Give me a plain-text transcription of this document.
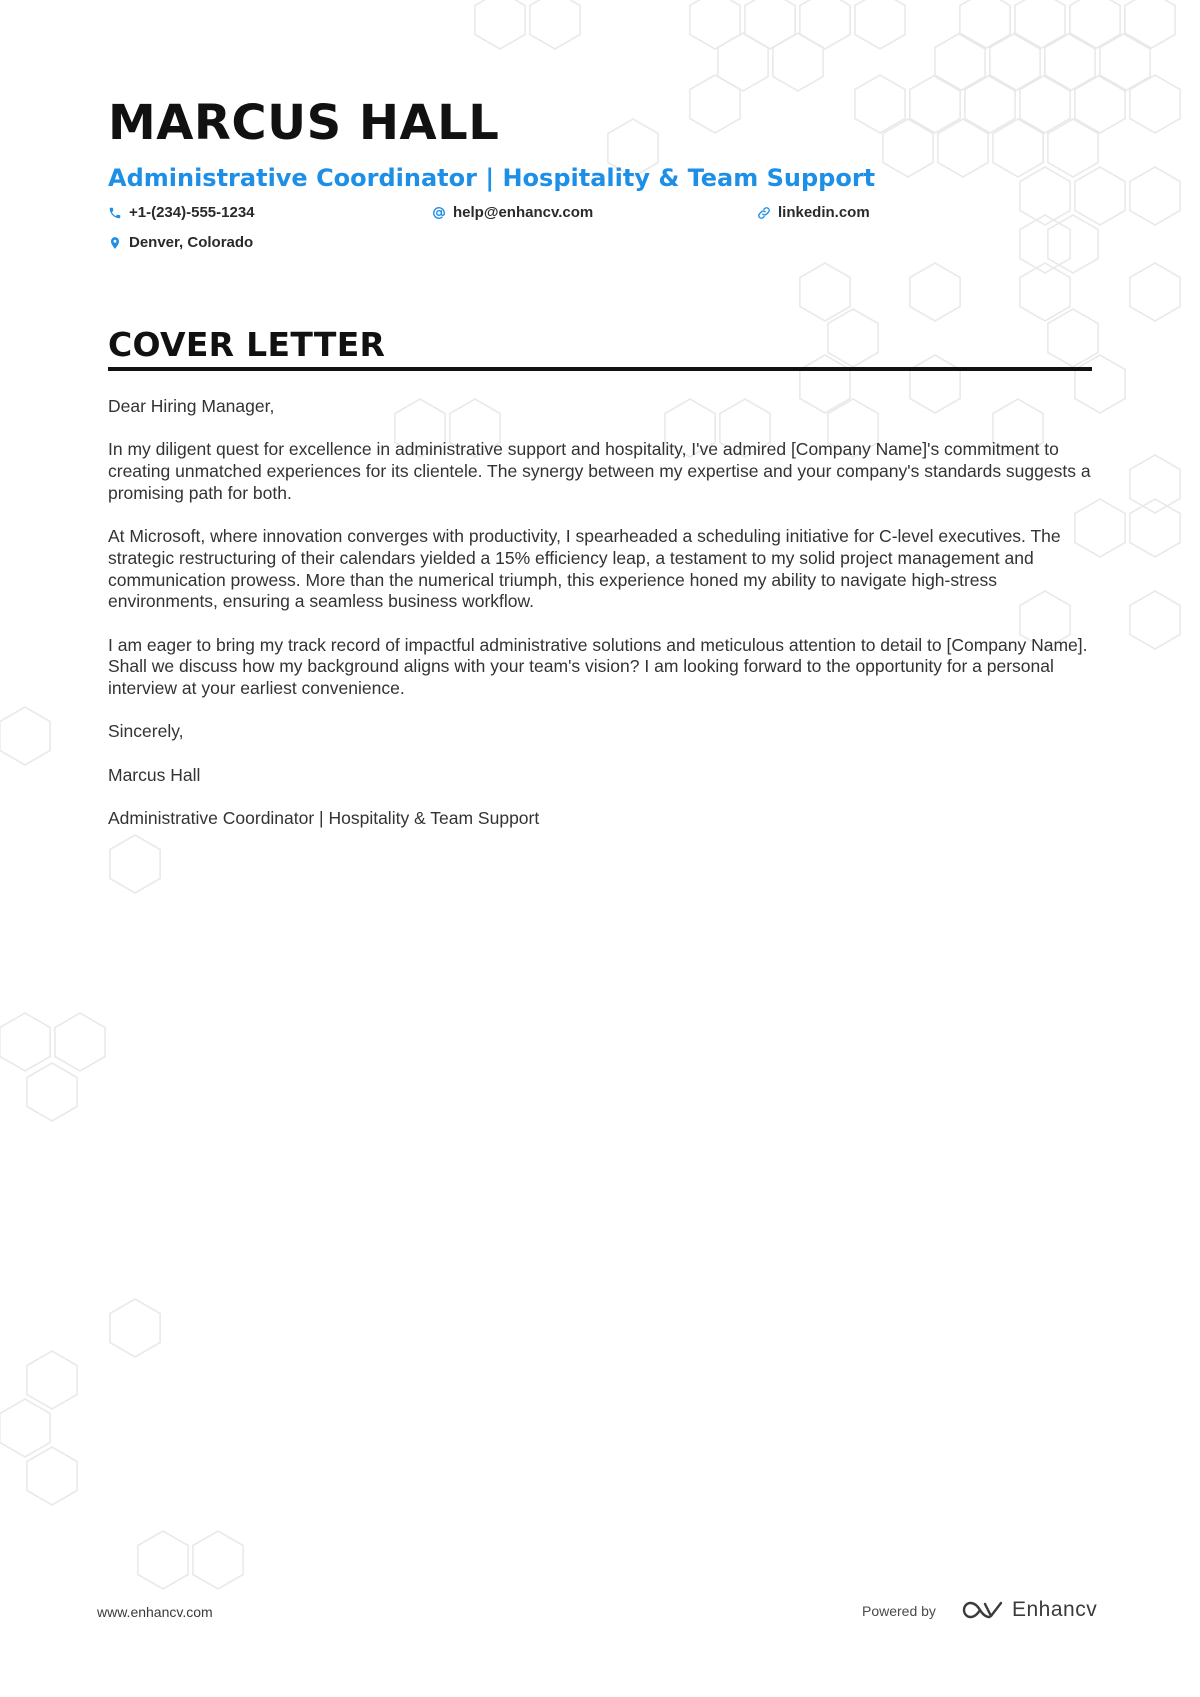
MARCUS HALL
Administrative Coordinator | Hospitality & Team Support
+1-(234)-555-1234	help@enhancv.com	linkedin.com
Denver, Colorado
COVER LETTER

Dear Hiring Manager,

In my diligent quest for excellence in administrative support and hospitality, I've admired [Company Name]'s commitment to creating unmatched experiences for its clientele. The synergy between my expertise and your company's standards suggests a promising path for both.

At Microsoft, where innovation converges with productivity, I spearheaded a scheduling initiative for C-level executives. The strategic restructuring of their calendars yielded a 15% efficiency leap, a testament to my solid project management and communication prowess. More than the numerical triumph, this experience honed my ability to navigate high-stress environments, ensuring a seamless business workflow.

I am eager to bring my track record of impactful administrative solutions and meticulous attention to detail to [Company Name]. Shall we discuss how my background aligns with your team's vision? I am looking forward to the opportunity for a personal interview at your earliest convenience.

Sincerely,

Marcus Hall

Administrative Coordinator | Hospitality & Team Support

www.enhancv.com	Powered by	Enhancv
